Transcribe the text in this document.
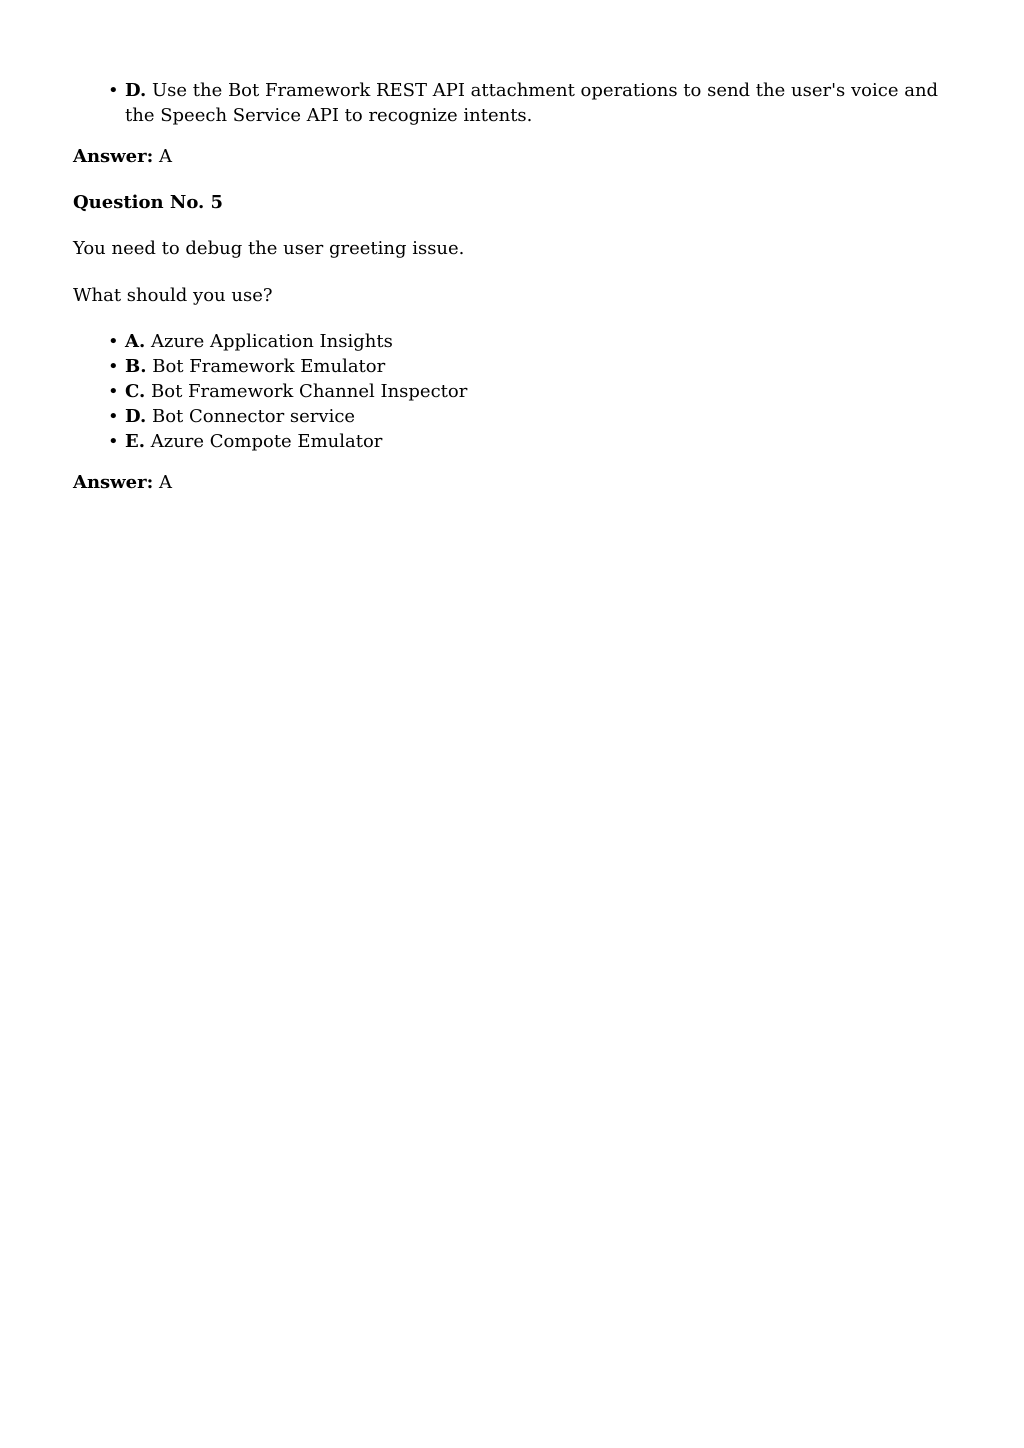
• D. Use the Bot Framework REST API attachment operations to send the user's voice and the Speech Service API to recognize intents.

Answer: A

Question No. 5

You need to debug the user greeting issue.

What should you use?

• A. Azure Application Insights
• B. Bot Framework Emulator
• C. Bot Framework Channel Inspector
• D. Bot Connector service
• E. Azure Compote Emulator

Answer: A
